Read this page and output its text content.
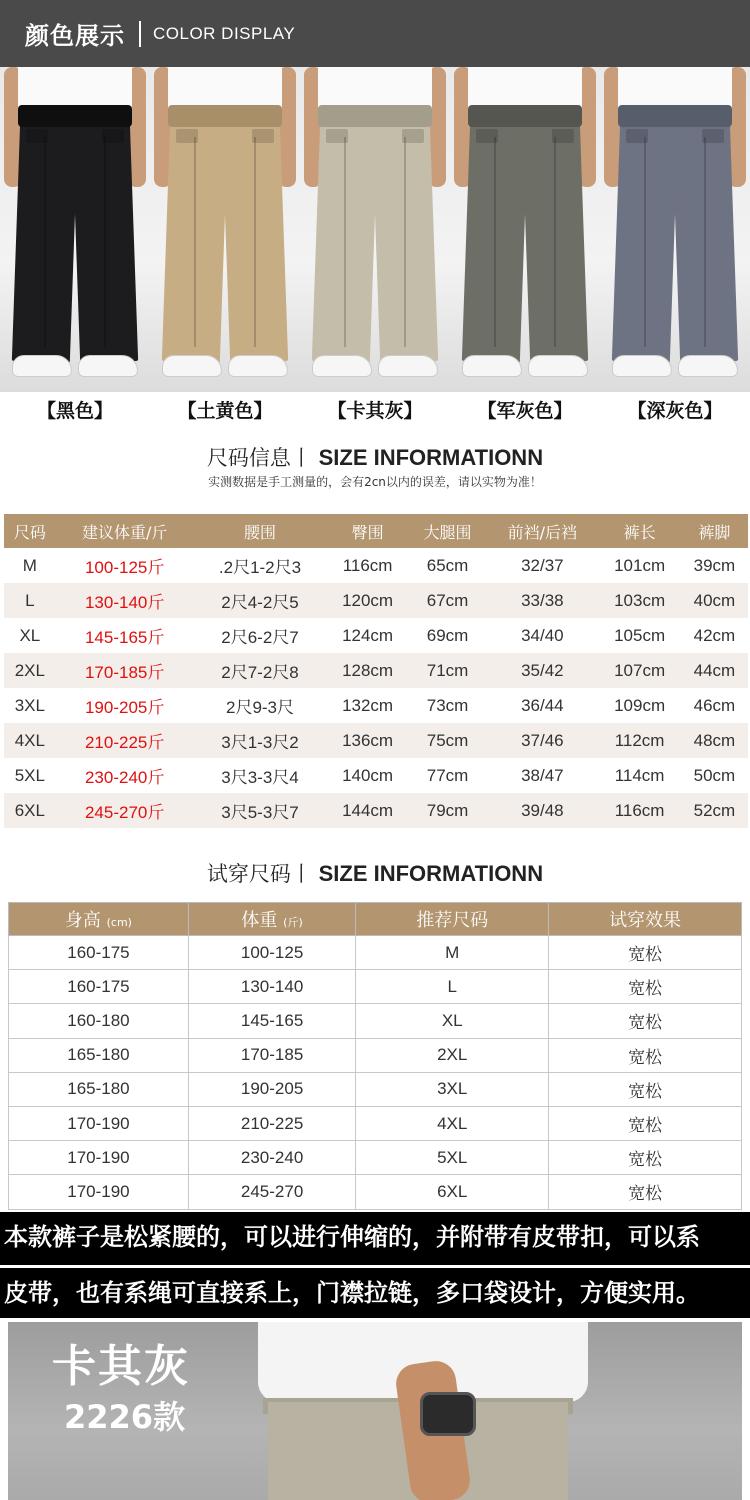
颜色展示 COLOR DISPLAY
【黑色】	【土黄色】	【卡其灰】	【军灰色】	【深灰色】
尺码信息丨 SIZE INFORMATIONN
实测数据是手工测量的，会有2cn以内的误差，请以实物为准！
尺码	建议体重/斤	腰围	臀围	大腿围	前裆/后裆	裤长	裤脚
M	100-125斤	.2尺1-2尺3	116cm	65cm	32/37	101cm	39cm
L	130-140斤	2尺4-2尺5	120cm	67cm	33/38	103cm	40cm
XL	145-165斤	2尺6-2尺7	124cm	69cm	34/40	105cm	42cm
2XL	170-185斤	2尺7-2尺8	128cm	71cm	35/42	107cm	44cm
3XL	190-205斤	2尺9-3尺	132cm	73cm	36/44	109cm	46cm
4XL	210-225斤	3尺1-3尺2	136cm	75cm	37/46	112cm	48cm
5XL	230-240斤	3尺3-3尺4	140cm	77cm	38/47	114cm	50cm
6XL	245-270斤	3尺5-3尺7	144cm	79cm	39/48	116cm	52cm
试穿尺码丨 SIZE INFORMATIONN
身高 (cm)	体重 (斤)	推荐尺码	试穿效果
160-175	100-125	M	宽松
160-175	130-140	L	宽松
160-180	145-165	XL	宽松
165-180	170-185	2XL	宽松
165-180	190-205	3XL	宽松
170-190	210-225	4XL	宽松
170-190	230-240	5XL	宽松
170-190	245-270	6XL	宽松
本款裤子是松紧腰的，可以进行伸缩的，并附带有皮带扣，可以系
皮带，也有系绳可直接系上，门襟拉链，多口袋设计，方便实用。
卡其灰
2226款
